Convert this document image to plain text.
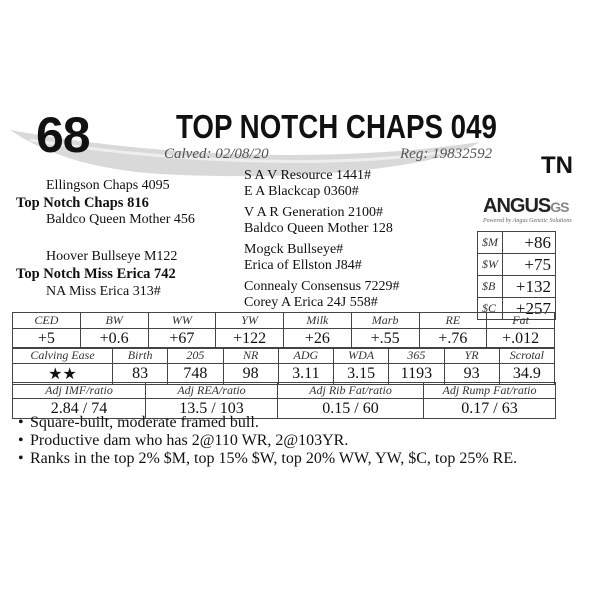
68	TOP NOTCH CHAPS 049
Calved: 02/08/20	Reg: 19832592 TN
Ellingson Chaps 4095
Top Notch Chaps 816
Baldco Queen Mother 456
Hoover Bullseye M122
Top Notch Miss Erica 742
NA Miss Erica 313#
S A V Resource 1441#
E A Blackcap 0360#
V A R Generation 2100#
Baldco Queen Mother 128
Mogck Bullseye#
Erica of Ellston J84#
Connealy Consensus 7229#
Corey A Erica 24J 558#
ANGUSGS
Powered by Angus Genetic Solutions
$M	+86
$W	+75
$B	+132
$C	+257
CED	BW	WW	YW	Milk	Marb	RE	Fat
+5	+0.6	+67	+122	+26	+.55	+.76	+.012
Calving Ease	Birth	205	NR	ADG	WDA	365	YR	Scrotal
★★	83	748	98	3.11	3.15	1193	93	34.9
Adj IMF/ratio	Adj REA/ratio	Adj Rib Fat/ratio	Adj Rump Fat/ratio
2.84 / 74	13.5 / 103	0.15 / 60	0.17 / 63
• Square-built, moderate framed bull.
• Productive dam who has 2@110 WR, 2@103YR.
• Ranks in the top 2% $M, top 15% $W, top 20% WW, YW, $C, top 25% RE.
